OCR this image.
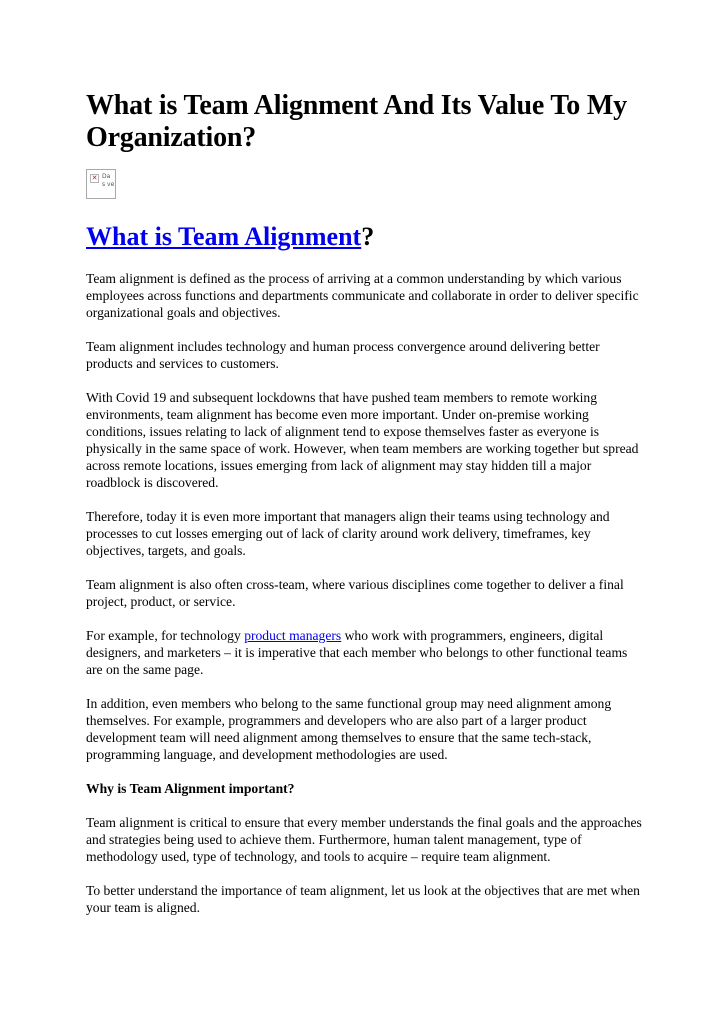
What is Team Alignment And Its Value To My Organization?
✕ Da s ve
What is Team Alignment?

Team alignment is defined as the process of arriving at a common understanding by which various employees across functions and departments communicate and collaborate in order to deliver specific organizational goals and objectives.

Team alignment includes technology and human process convergence around delivering better products and services to customers.

With Covid 19 and subsequent lockdowns that have pushed team members to remote working environments, team alignment has become even more important. Under on-premise working conditions, issues relating to lack of alignment tend to expose themselves faster as everyone is physically in the same space of work. However, when team members are working together but spread across remote locations, issues emerging from lack of alignment may stay hidden till a major roadblock is discovered.

Therefore, today it is even more important that managers align their teams using technology and processes to cut losses emerging out of lack of clarity around work delivery, timeframes, key objectives, targets, and goals.

Team alignment is also often cross-team, where various disciplines come together to deliver a final project, product, or service.

For example, for technology product managers who work with programmers, engineers, digital designers, and marketers – it is imperative that each member who belongs to other functional teams are on the same page.

In addition, even members who belong to the same functional group may need alignment among themselves. For example, programmers and developers who are also part of a larger product development team will need alignment among themselves to ensure that the same tech-stack, programming language, and development methodologies are used.

Why is Team Alignment important?

Team alignment is critical to ensure that every member understands the final goals and the approaches and strategies being used to achieve them. Furthermore, human talent management, type of methodology used, type of technology, and tools to acquire – require team alignment.

To better understand the importance of team alignment, let us look at the objectives that are met when your team is aligned.
